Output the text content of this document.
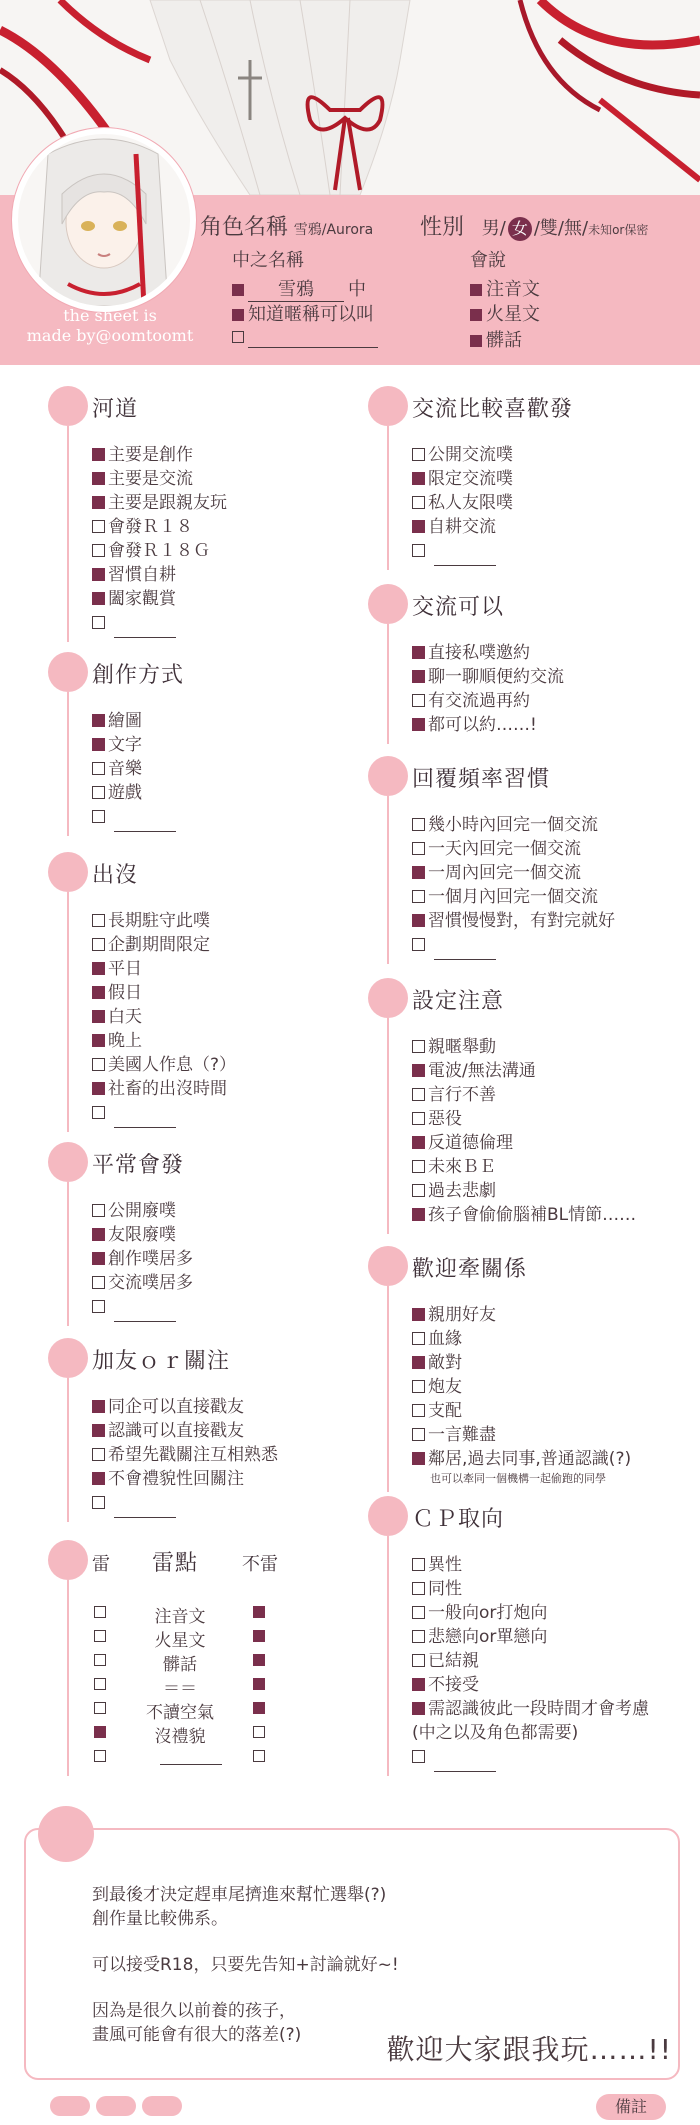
the sheet is
made by@oomtoomt
角色名稱 雪鴉/Aurora 性別 男/ 女 /雙/無/未知or保密
中之名稱
雪鴉 中
知道暱稱可以叫

會說
注音文
火星文
髒話
河道
主要是創作
主要是交流
主要是跟親友玩
會發Ｒ１８
會發Ｒ１８Ｇ
習慣自耕
闔家觀賞

創作方式
繪圖
文字
音樂
遊戲

出沒
長期駐守此噗
企劃期間限定
平日
假日
白天
晚上
美國人作息（?）
社畜的出沒時間

平常會發
公開廢噗
友限廢噗
創作噗居多
交流噗居多

加友ｏｒ關注
同企可以直接戳友
認識可以直接戳友
希望先戳關注互相熟悉
不會禮貌性回關注

雷 雷點 不雷
注音文
火星文
髒話
＝＝
不讀空氣
沒禮貌
交流比較喜歡發
公開交流噗
限定交流噗
私人友限噗
自耕交流

交流可以
直接私噗邀約
聊一聊順便約交流
有交流過再約
都可以約……!
回覆頻率習慣
幾小時內回完一個交流
一天內回完一個交流
一周內回完一個交流
一個月內回完一個交流
習慣慢慢對，有對完就好

設定注意
親暱舉動
電波/無法溝通
言行不善
惡役
反道德倫理
未來ＢＥ
過去悲劇
孩子會偷偷腦補BL情節……
歡迎牽關係
親朋好友
血緣
敵對
炮友
支配
一言難盡
鄰居,過去同事,普通認識(?)
也可以牽同一個機構一起偷跑的同學
ＣＰ取向
異性
同性
一般向or打炮向
悲戀向or單戀向
已結親
不接受
需認識彼此一段時間才會考慮
(中之以及角色都需要)

到最後才決定趕車尾擠進來幫忙選舉(?)
創作量比較佛系。
可以接受R18，只要先告知+討論就好~!
因為是很久以前養的孩子，
畫風可能會有很大的落差(?)	歡迎大家跟我玩……!!
備註
